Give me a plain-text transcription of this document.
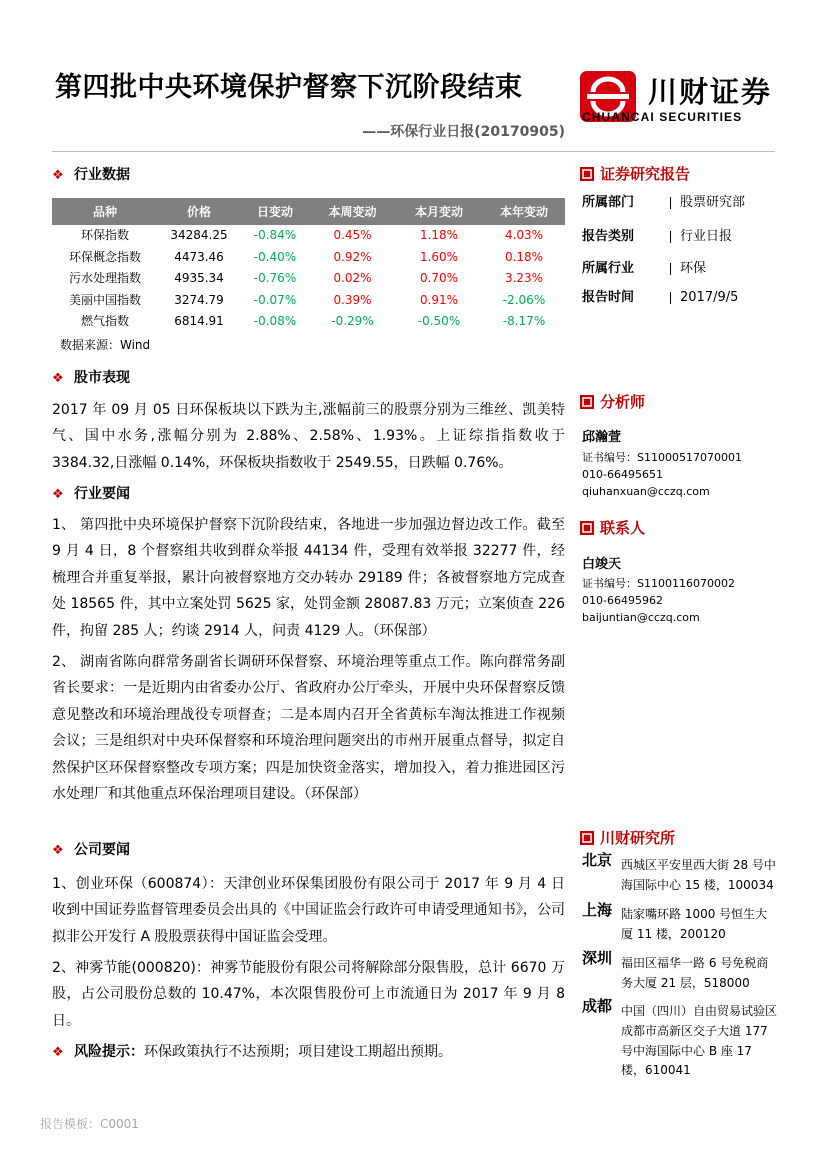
第四批中央环境保护督察下沉阶段结束
——环保行业日报(20170905)
川财证券
CHUANCAI SECURITIES
❖行业数据
品种	价格	日变动	本周变动	本月变动	本年变动
环保指数	34284.25	-0.84%	0.45%	1.18%	4.03%
环保概念指数	4473.46	-0.40%	0.92%	1.60%	0.18%
污水处理指数	4935.34	-0.76%	0.02%	0.70%	3.23%
美丽中国指数	3274.79	-0.07%	0.39%	0.91%	-2.06%
燃气指数	6814.91	-0.08%	-0.29%	-0.50%	-8.17%
数据来源：Wind
❖股市表现
2017 年 09 月 05 日环保板块以下跌为主,涨幅前三的股票分别为三维丝、凯美特气、国中水务,涨幅分别为 2.88%、2.58%、1.93%。上证综指指数收于 3384.32,日涨幅 0.14%，环保板块指数收于 2549.55，日跌幅 0.76%。
❖行业要闻
1、 第四批中央环境保护督察下沉阶段结束，各地进一步加强边督边改工作。截至 9 月 4 日，8 个督察组共收到群众举报 44134 件，受理有效举报 32277 件，经梳理合并重复举报，累计向被督察地方交办转办 29189 件；各被督察地方完成查处 18565 件，其中立案处罚 5625 家，处罚金额 28087.83 万元；立案侦查 226 件，拘留 285 人；约谈 2914 人，问责 4129 人。（环保部）
2、 湖南省陈向群常务副省长调研环保督察、环境治理等重点工作。陈向群常务副省长要求：一是近期内由省委办公厅、省政府办公厅牵头，开展中央环保督察反馈意见整改和环境治理战役专项督查；二是本周内召开全省黄标车淘汰推进工作视频会议；三是组织对中央环保督察和环境治理问题突出的市州开展重点督导，拟定自然保护区环保督察整改专项方案；四是加快资金落实，增加投入，着力推进园区污水处理厂和其他重点环保治理项目建设。（环保部）
❖公司要闻
1、创业环保（600874）：天津创业环保集团股份有限公司于 2017 年 9 月 4 日收到中国证券监督管理委员会出具的《中国证监会行政许可申请受理通知书》，公司拟非公开发行 A 股股票获得中国证监会受理。
2、神雾节能(000820)：神雾节能股份有限公司将解除部分限售股，总计 6670 万股，占公司股份总数的 10.47%，本次限售股份可上市流通日为 2017 年 9 月 8 日。
❖风险提示：环保政策执行不达预期；项目建设工期超出预期。
报告模板：C0001
证券研究报告
所属部门	股票研究部
报告类别	行业日报
所属行业	环保
报告时间	2017/9/5
分析师
邱瀚萱
证书编号：S11000517070001
010-66495651
qiuhanxuan@cczq.com
联系人
白竣天
证书编号：S1100116070002
010-66495962
baijuntian@cczq.com
川财研究所
北京 西城区平安里西大街 28 号中海国际中心 15 楼，100034
上海 陆家嘴环路 1000 号恒生大厦 11 楼，200120
深圳 福田区福华一路 6 号免税商务大厦 21 层，518000
成都 中国（四川）自由贸易试验区成都市高新区交子大道 177 号中海国际中心 B 座 17 楼，610041
